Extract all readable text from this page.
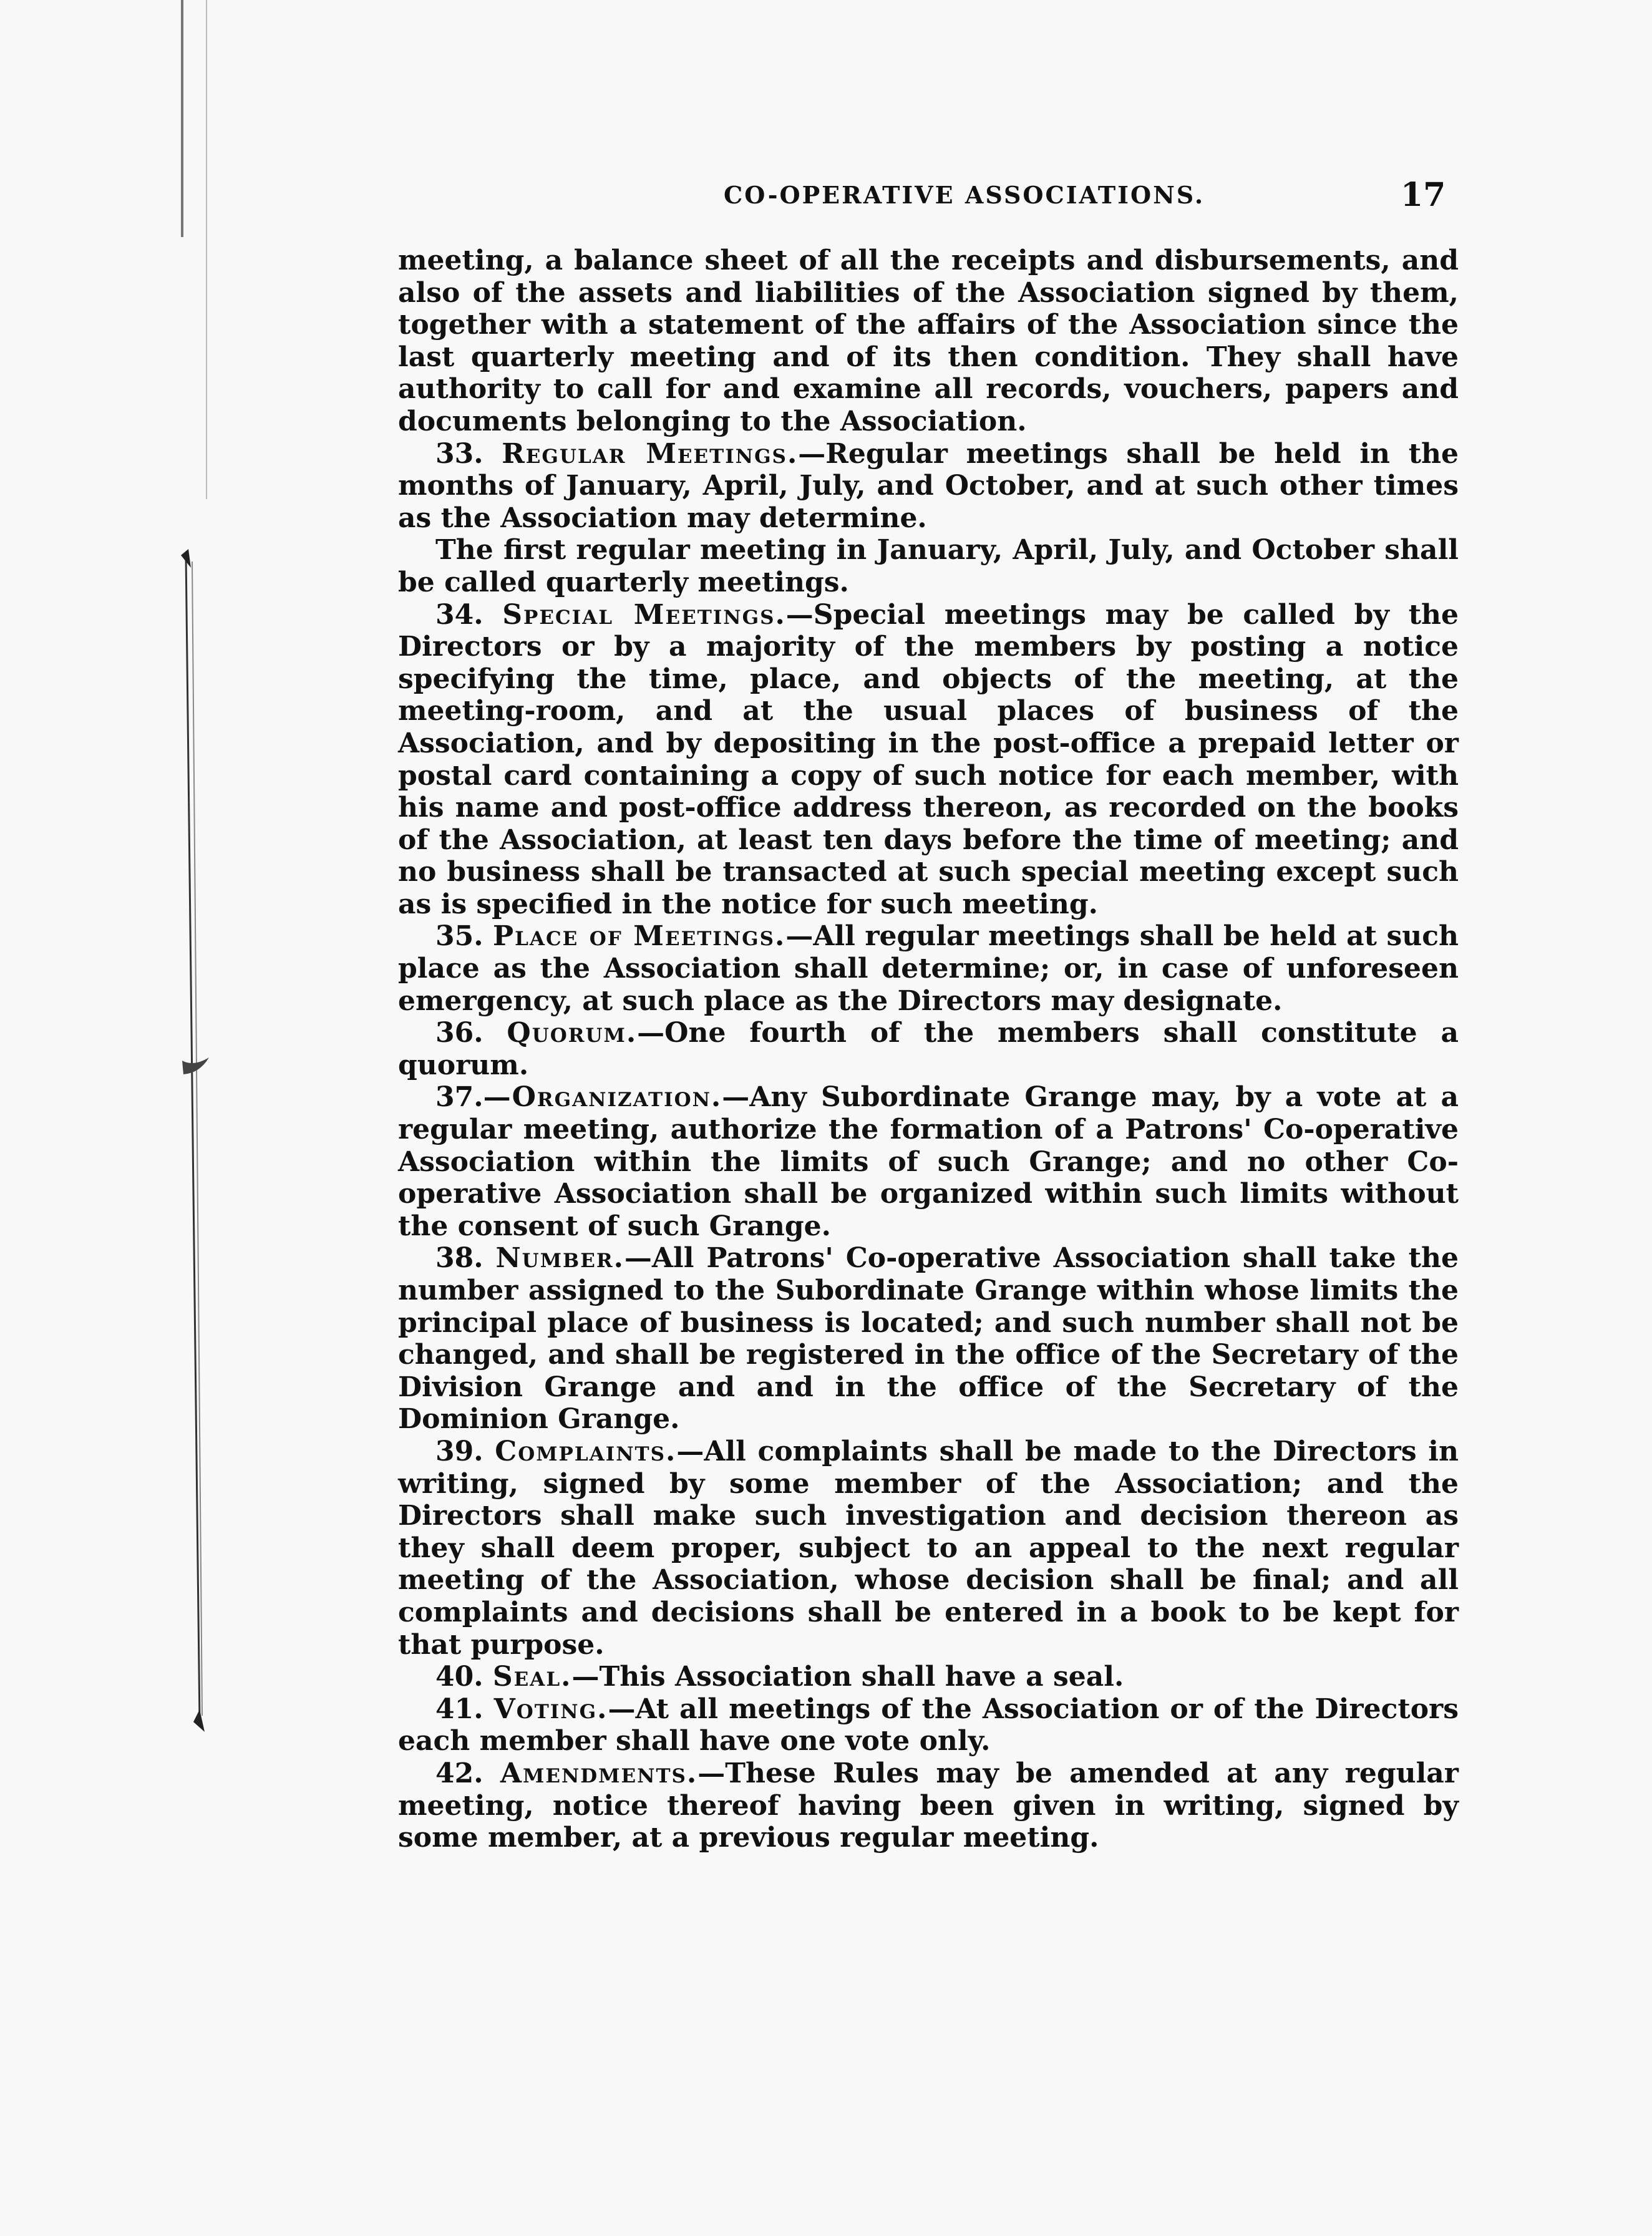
CO-OPERATIVE ASSOCIATIONS.	17

meeting, a balance sheet of all the receipts and disbursements, and also of the assets and liabilities of the Association signed by them, together with a statement of the affairs of the Association since the last quarterly meeting and of its then condition. They shall have authority to call for and examine all records, vouchers, papers and documents belonging to the Association.

33. Regular Meetings.—Regular meetings shall be held in the months of January, April, July, and October, and at such other times as the Association may determine.

The first regular meeting in January, April, July, and October shall be called quarterly meetings.

34. Special Meetings.—Special meetings may be called by the Directors or by a majority of the members by posting a notice specifying the time, place, and objects of the meeting, at the meeting-room, and at the usual places of business of the Association, and by depositing in the post-office a prepaid letter or postal card containing a copy of such notice for each member, with his name and post-office address thereon, as recorded on the books of the Association, at least ten days before the time of meeting; and no business shall be transacted at such special meeting except such as is specified in the notice for such meeting.

35. Place of Meetings.—All regular meetings shall be held at such place as the Association shall determine; or, in case of unforeseen emergency, at such place as the Directors may designate.

36. Quorum.—One fourth of the members shall constitute a quorum.

37.—Organization.—Any Subordinate Grange may, by a vote at a regular meeting, authorize the formation of a Patrons' Co-operative Association within the limits of such Grange; and no other Co-operative Association shall be organized within such limits without the consent of such Grange.

38. Number.—All Patrons' Co-operative Association shall take the number assigned to the Subordinate Grange within whose limits the principal place of business is located; and such number shall not be changed, and shall be registered in the office of the Secretary of the Division Grange and and in the office of the Secretary of the Dominion Grange.

39. Complaints.—All complaints shall be made to the Directors in writing, signed by some member of the Association; and the Directors shall make such investigation and decision thereon as they shall deem proper, subject to an appeal to the next regular meeting of the Association, whose decision shall be final; and all complaints and decisions shall be entered in a book to be kept for that purpose.

40. Seal.—This Association shall have a seal.

41. Voting.—At all meetings of the Association or of the Directors each member shall have one vote only.

42. Amendments.—These Rules may be amended at any regular meeting, notice thereof having been given in writing, signed by some member, at a previous regular meeting.
